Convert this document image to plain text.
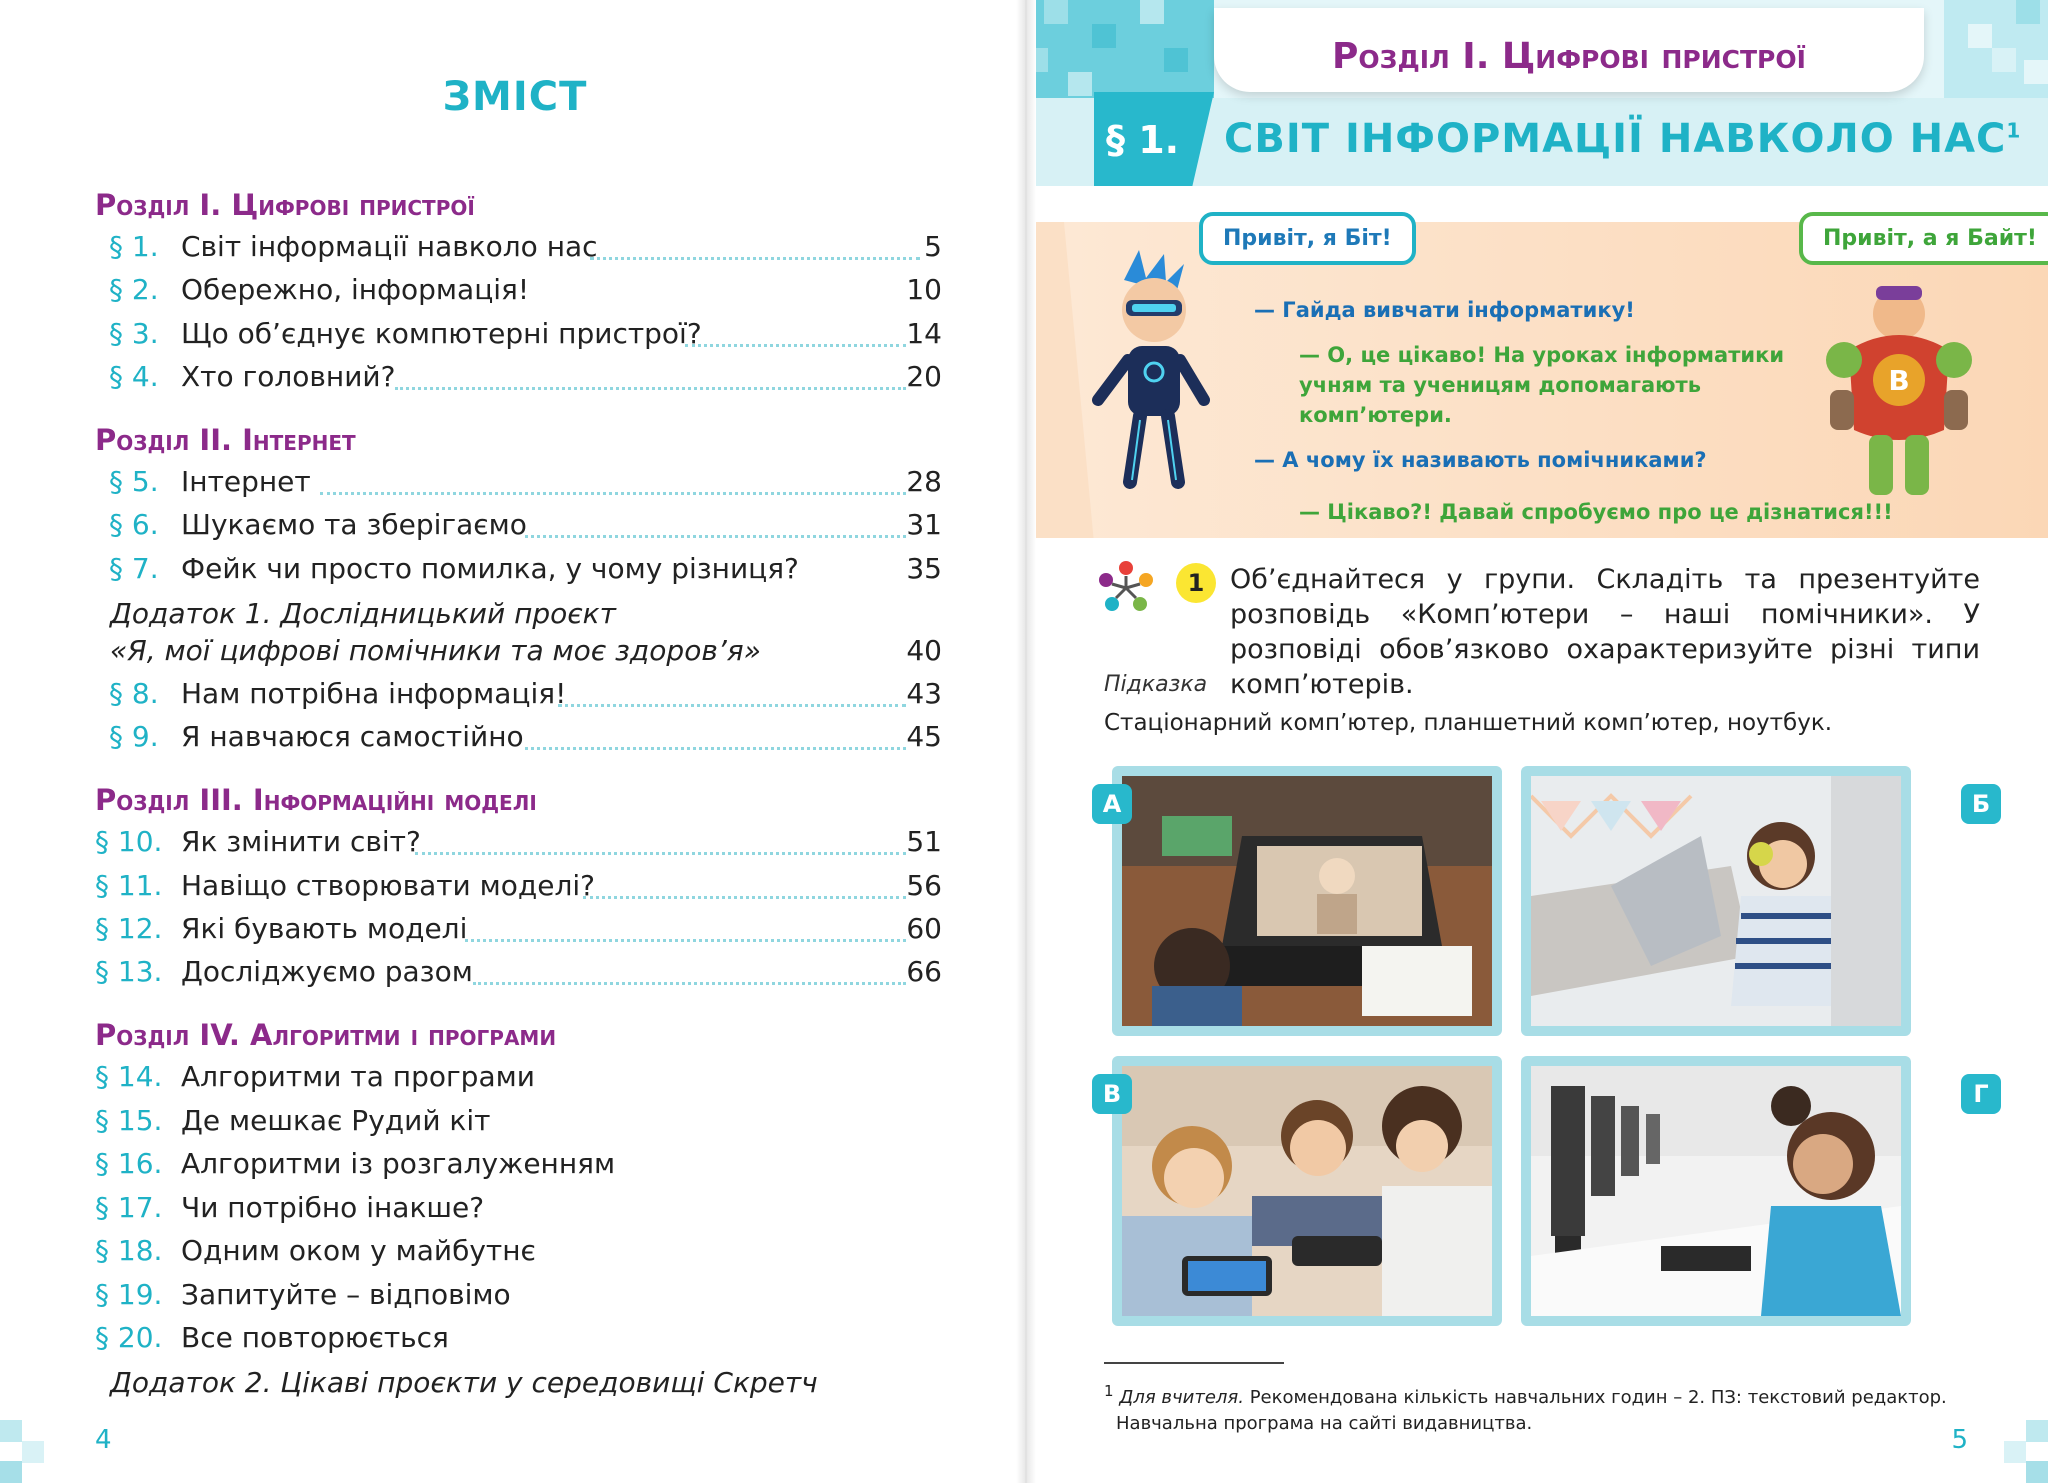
ЗМІСТ
Розділ I. Цифрові пристрої
§ 1. Світ інформації навколо нас	5
§ 2. Обережно, інформація!	10
§ 3. Що об’єднує компютерні пристрої?	14
§ 4. Хто головний?	20
Розділ II. Інтернет
§ 5. Інтернет	28
§ 6. Шукаємо та зберігаємо	31
§ 7. Фейк чи просто помилка, у чому різниця?	35
Додаток 1. Дослідницький проєкт
«Я, мої цифрові помічники та моє здоров’я»	40
§ 8. Нам потрібна інформація!	43
§ 9. Я навчаюся самостійно	45
Розділ III. Інформаційні моделі
§ 10. Як змінити світ?	51
§ 11. Навіщо створювати моделі?	56
§ 12. Які бувають моделі	60
§ 13. Досліджуємо разом	66
Розділ IV. Алгоритми і програми
§ 14. Алгоритми та програми
§ 15. Де мешкає Рудий кіт
§ 16. Алгоритми із розгалуженням
§ 17. Чи потрібно інакше?
§ 18. Одним оком у майбутнє
§ 19. Запитуйте – відповімо
§ 20. Все повторюється
Додаток 2. Цікаві проєкти у середовищі Скретч
4
Розділ I. Цифрові пристрої
§ 1. СВІТ ІНФОРМАЦІЇ НАВКОЛО НАС$^1$
Привіт, я Біт!	Привіт, а я Байт!
B
— Гайда вивчати інформатику!
— О, це цікаво! На уроках інформатики
учням та ученицям допомагають
комп’ютери.
— А чому їх називають помічниками?
— Цікаво?! Давай спробуємо про це дізнатися!!!
1 Об’єднайтеся у групи. Складіть та презентуйте розповідь «Комп’ютери – наші помічники». У розповіді обов’язково охарактеризуйте різні типи комп’ютерів.
Підказка
Стаціонарний комп’ютер, планшетний комп’ютер, ноутбук.
А	Б
В	Г
$^1$ Для вчителя. Рекомендована кількість навчальних годин – 2. ПЗ: текстовий редактор.
Навчальна програма на сайті видавництва.
5
